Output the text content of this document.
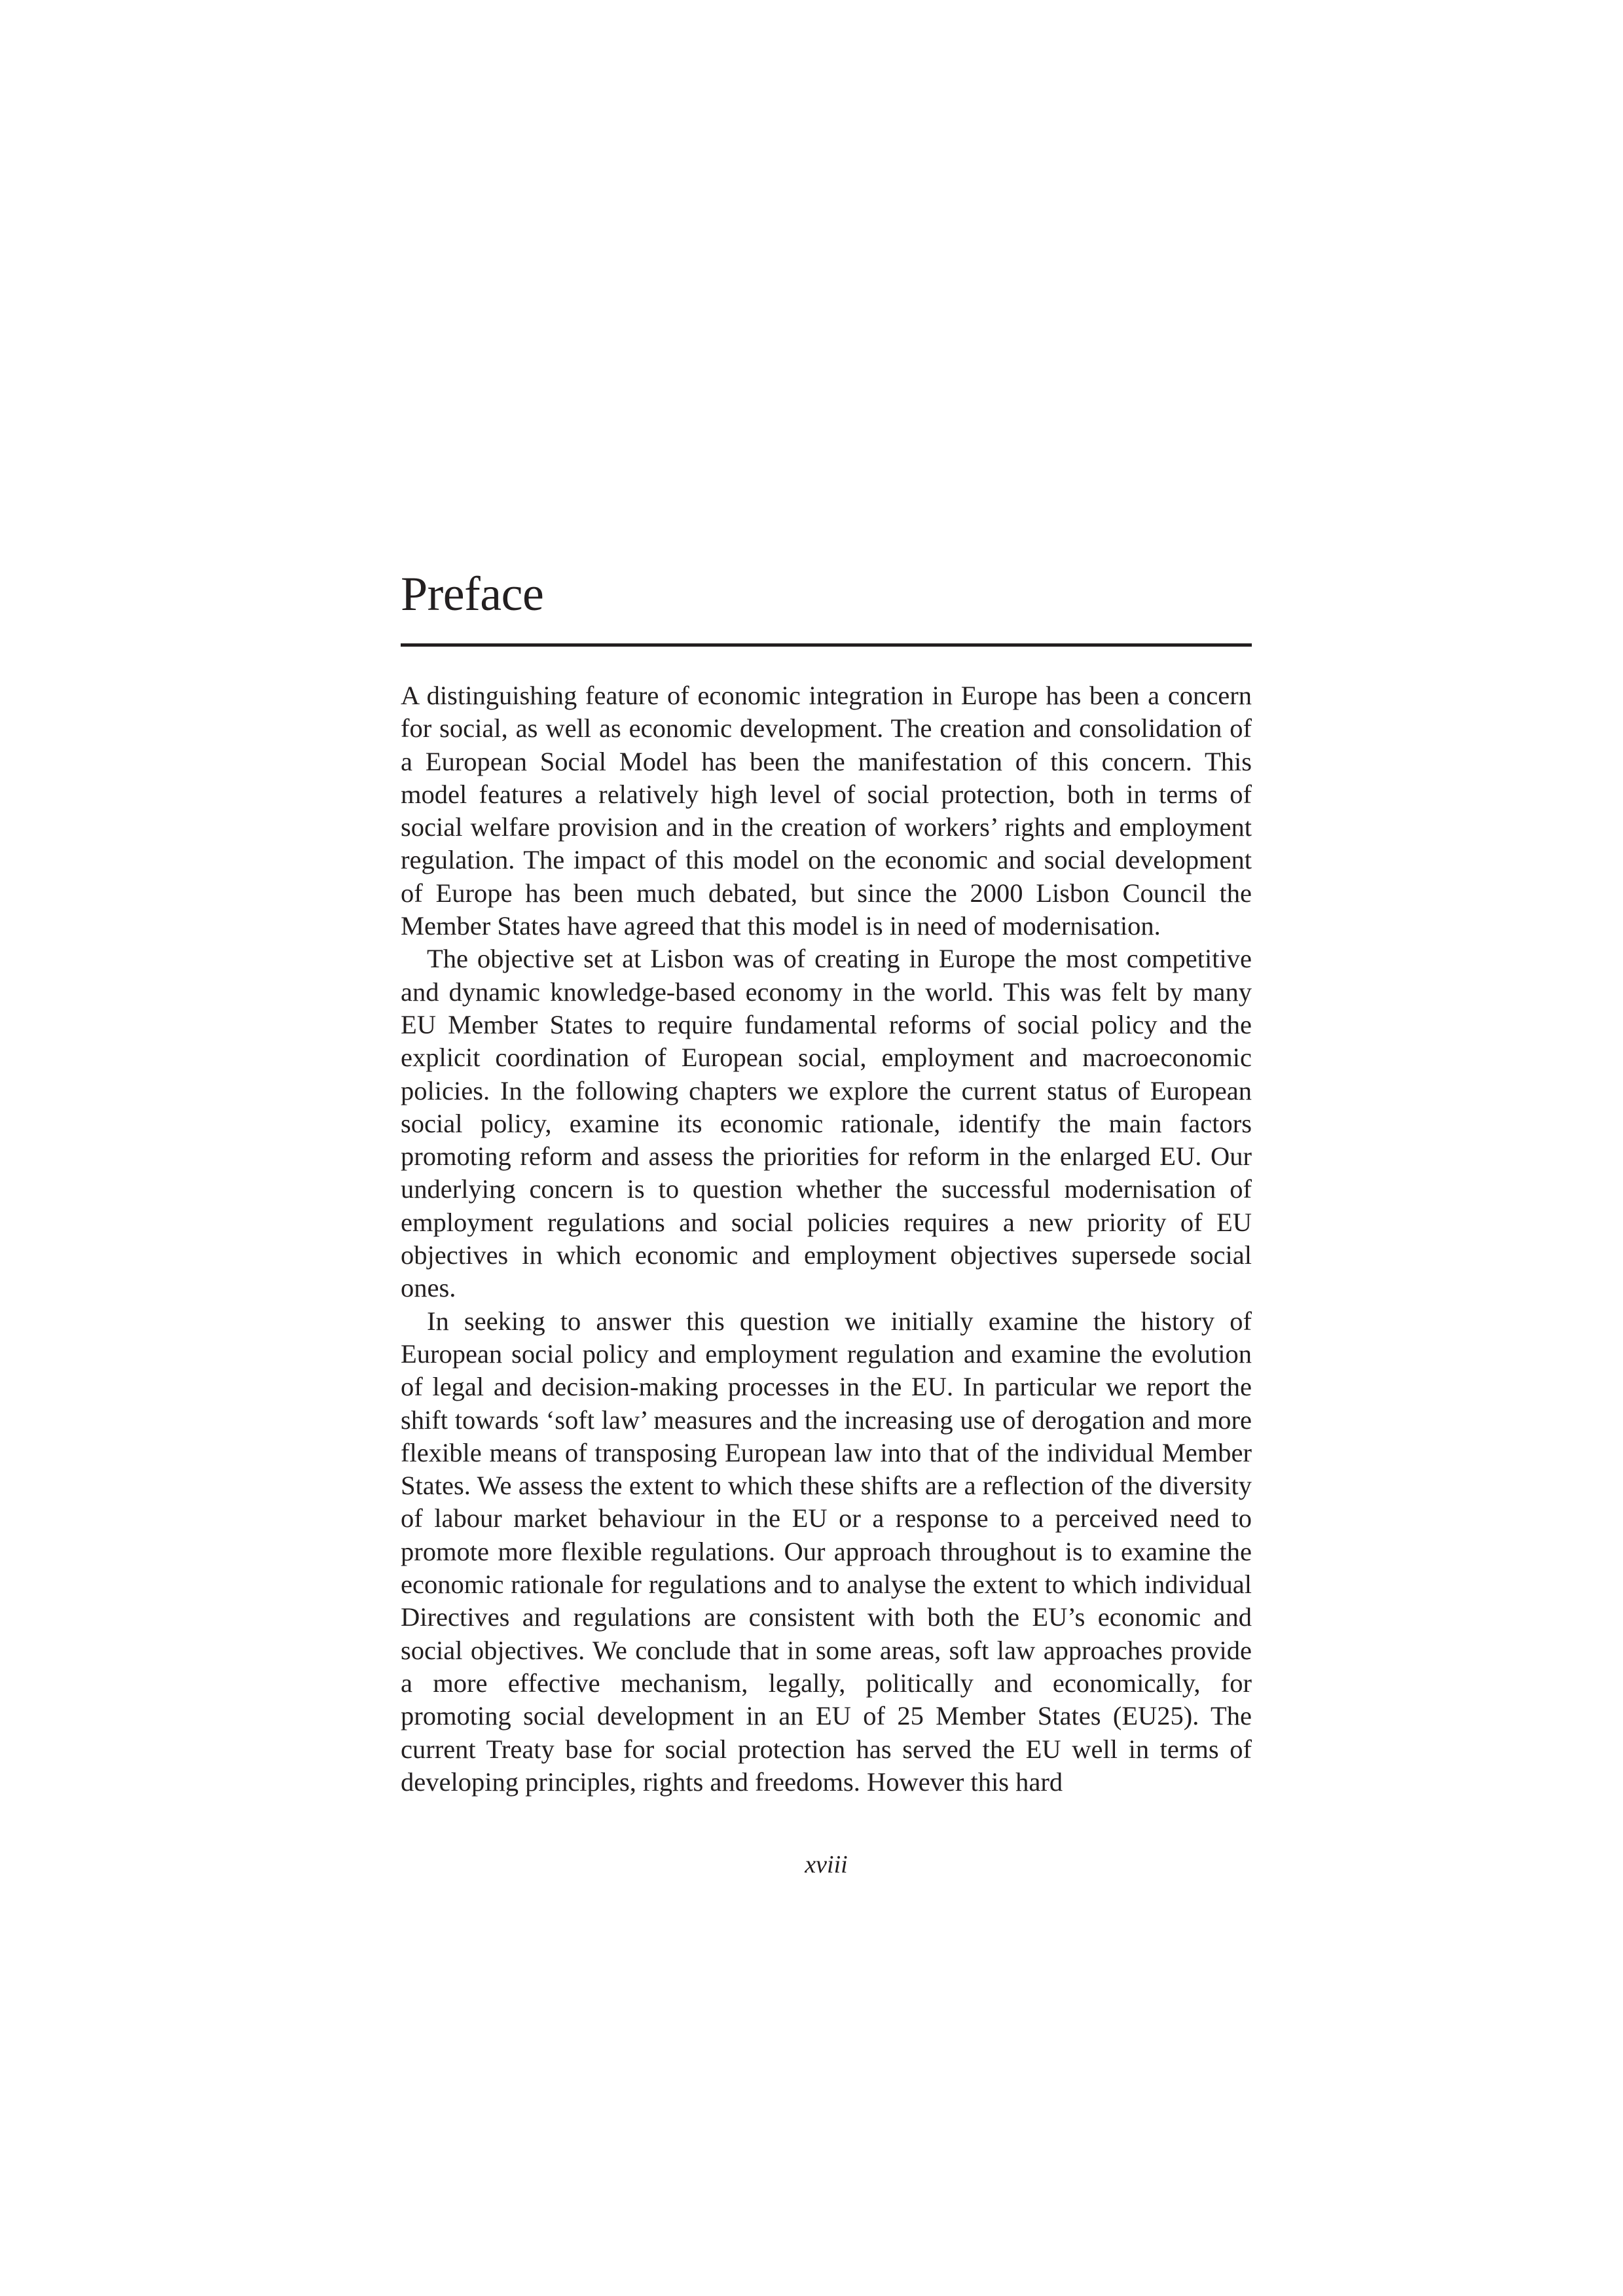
Preface

A distinguishing feature of economic integration in Europe has been a concern for social, as well as economic development. The creation and consolidation of a European Social Model has been the manifestation of this concern. This model features a relatively high level of social protection, both in terms of social welfare provision and in the creation of workers’ rights and employment regulation. The impact of this model on the economic and social development of Europe has been much debated, but since the 2000 Lisbon Council the Member States have agreed that this model is in need of modernisation.

The objective set at Lisbon was of creating in Europe the most competitive and dynamic knowledge-based economy in the world. This was felt by many EU Member States to require fundamental reforms of social policy and the explicit coordination of European social, employment and macroeconomic policies. In the following chapters we explore the current status of European social policy, examine its economic rationale, identify the main factors promoting reform and assess the priorities for reform in the enlarged EU. Our underlying concern is to question whether the successful modernisation of employment regulations and social policies requires a new priority of EU objectives in which economic and employment objectives supersede social ones.

In seeking to answer this question we initially examine the history of European social policy and employment regulation and examine the evolution of legal and decision-making processes in the EU. In particular we report the shift towards ‘soft law’ measures and the increasing use of derogation and more flexible means of transposing European law into that of the individual Member States. We assess the extent to which these shifts are a reflection of the diversity of labour market behaviour in the EU or a response to a perceived need to promote more flexible regulations. Our approach throughout is to examine the economic rationale for regulations and to analyse the extent to which individual Directives and regulations are consistent with both the EU’s economic and social objectives. We conclude that in some areas, soft law approaches provide a more effective mechanism, legally, politically and economically, for promoting social development in an EU of 25 Member States (EU25). The current Treaty base for social protection has served the EU well in terms of developing principles, rights and freedoms. However this hard

xviii
